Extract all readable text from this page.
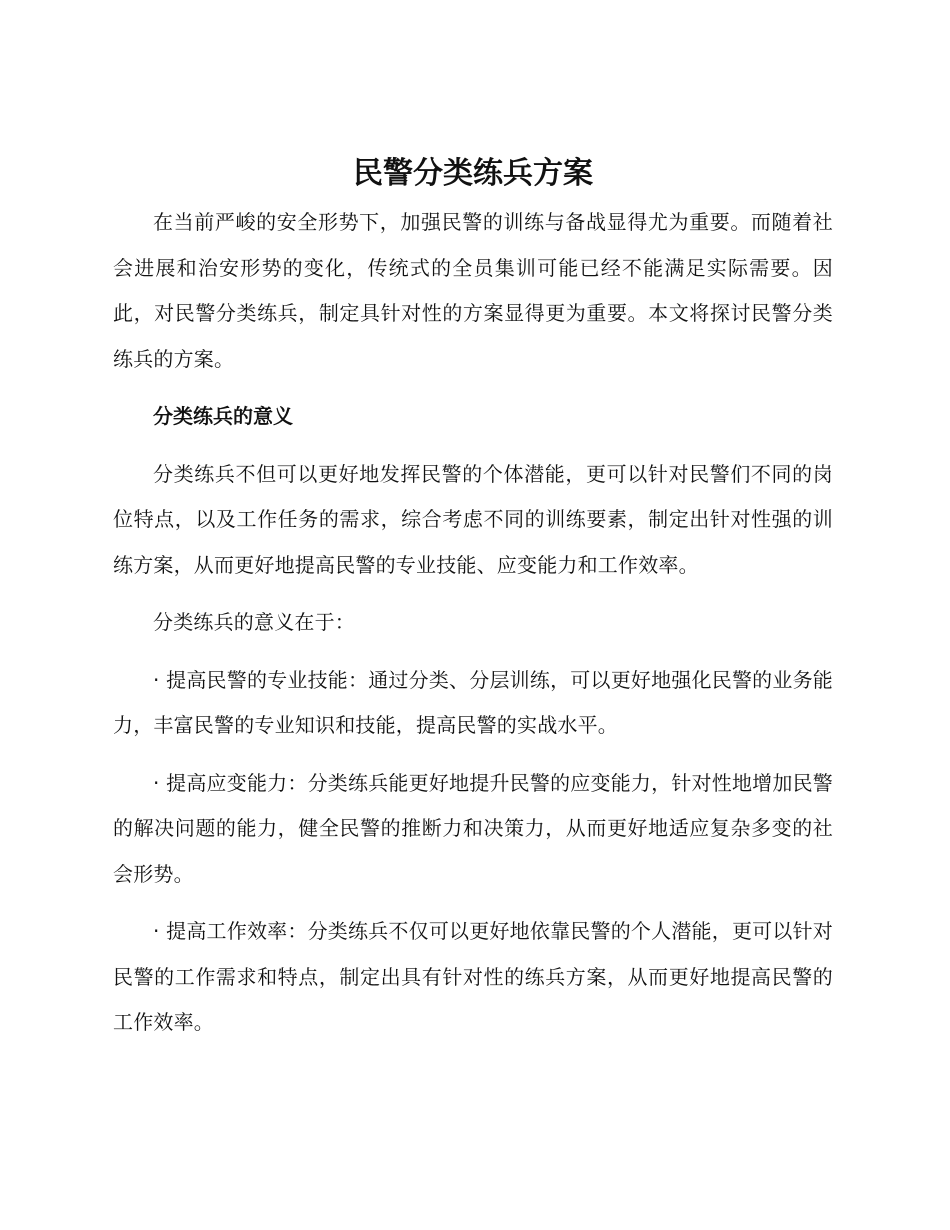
民警分类练兵方案

在当前严峻的安全形势下，加强民警的训练与备战显得尤为重要。而随着社会进展和治安形势的变化，传统式的全员集训可能已经不能满足实际需要。因此，对民警分类练兵，制定具针对性的方案显得更为重要。本文将探讨民警分类练兵的方案。

分类练兵的意义

分类练兵不但可以更好地发挥民警的个体潜能，更可以针对民警们不同的岗位特点，以及工作任务的需求，综合考虑不同的训练要素，制定出针对性强的训练方案，从而更好地提高民警的专业技能、应变能力和工作效率。

分类练兵的意义在于：

· 提高民警的专业技能：通过分类、分层训练，可以更好地强化民警的业务能力，丰富民警的专业知识和技能，提高民警的实战水平。

· 提高应变能力：分类练兵能更好地提升民警的应变能力，针对性地增加民警的解决问题的能力，健全民警的推断力和决策力，从而更好地适应复杂多变的社会形势。

· 提高工作效率：分类练兵不仅可以更好地依靠民警的个人潜能，更可以针对民警的工作需求和特点，制定出具有针对性的练兵方案，从而更好地提高民警的工作效率。
